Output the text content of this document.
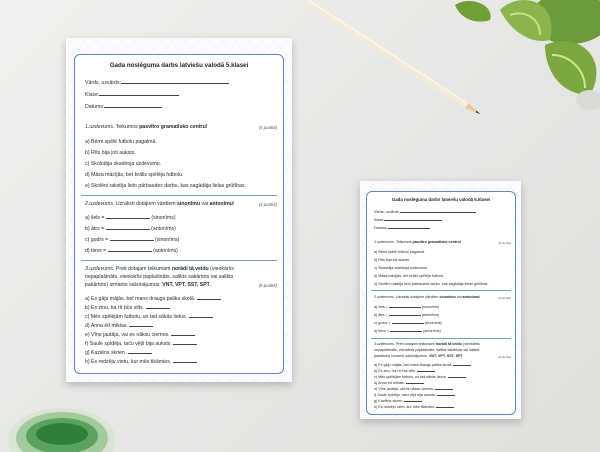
Gada noslēguma darbs latviešu valodā 5.klasei
Vārds, uzvārds:
Klase:
Datums:
1.uzdevums. Teikumos pasvītro gramatisko centru!	(5 punkti)
a) Bērni spēlē futbolu pagalmā.
b) Rīts bija ļoti auksts.
c) Skolotāja skaidroja uzdevumu.
d) Māsa mācījās, bet brālis spēlēja futbolu.
e) Skolēni rakstīja lielo pārbaudes darbu, kas sagādāja lielas grūtības.
2.uzdevums. Uzraksti dotajiem vārdiem sinonīmu vai antonīmu!	(4 punkti)
a) liels =	(sinonīms)
b) ātrs =	(antonīms)
c) gudrs =	(sinonīms)
d) tievs =	(antonīms)
3.uzdevums. Preti dotajam teikumam norādi tā veidu (vienkāršs
nepaplašināts, vienkāršs paplašināts, salikts sakārtots vai salikts
pakārtots) izmanto saīsinājumus: VNT, VPT, SST, SPT.	(8 punkti)
a) Es gāju mājās, bet mans draugs palika skolā.
b) Es zinu, ka rīt būs silts.
c) Mēs spēlējām futbolu, un tad sākās lietus.
d) Anna ēd mīklas.
e) Vīne jautāja, vai es nāksu ciemos.
f) Saule spīdēja, taču vējš bija auksts.
g) Kaziēns skrien.
h) Es redzēju vietu, kur mēs tikāmies.
Gada noslēguma darbs latviešu valodā 5.klasei
Vārds, uzvārds:
Klase:
Datums:
1.uzdevums. Teikumos pasvītro gramatisko centru!	(5 punkti)
a) Bērni spēlē futbolu pagalmā.
b) Rīts bija ļoti auksts.
c) Skolotāja skaidroja uzdevumu.
d) Māsa mācījās, bet brālis spēlēja futbolu.
e) Skolēni rakstīja lielo pārbaudes darbu, kas sagādāja lielas grūtības.
2.uzdevums. Uzraksti dotajiem vārdiem sinonīmu vai antonīmu!	(4 punkti)
a) liels =	(sinonīms)
b) ātrs =	(antonīms)
c) gudrs =	(sinonīms)
d) tievs =	(antonīms)
3.uzdevums. Preti dotajam teikumam norādi tā veidu (vienkāršs
nepaplašināts, vienkāršs paplašināts, salikts sakārtots vai salikts
pakārtots) izmanto saīsinājumus: VNT, VPT, SST, SPT.	(8 punkti)
a) Es gāju mājās, bet mans draugs palika skolā.
b) Es zinu, ka rīt būs silts.
c) Mēs spēlējām futbolu, un tad sākās lietus.
d) Anna ēd mīklas.
e) Vīne jautāja, vai es nāksu ciemos.
f) Saule spīdēja, taču vējš bija auksts.
g) Kaziēns skrien.
h) Es redzēju vietu, kur mēs tikāmies.
